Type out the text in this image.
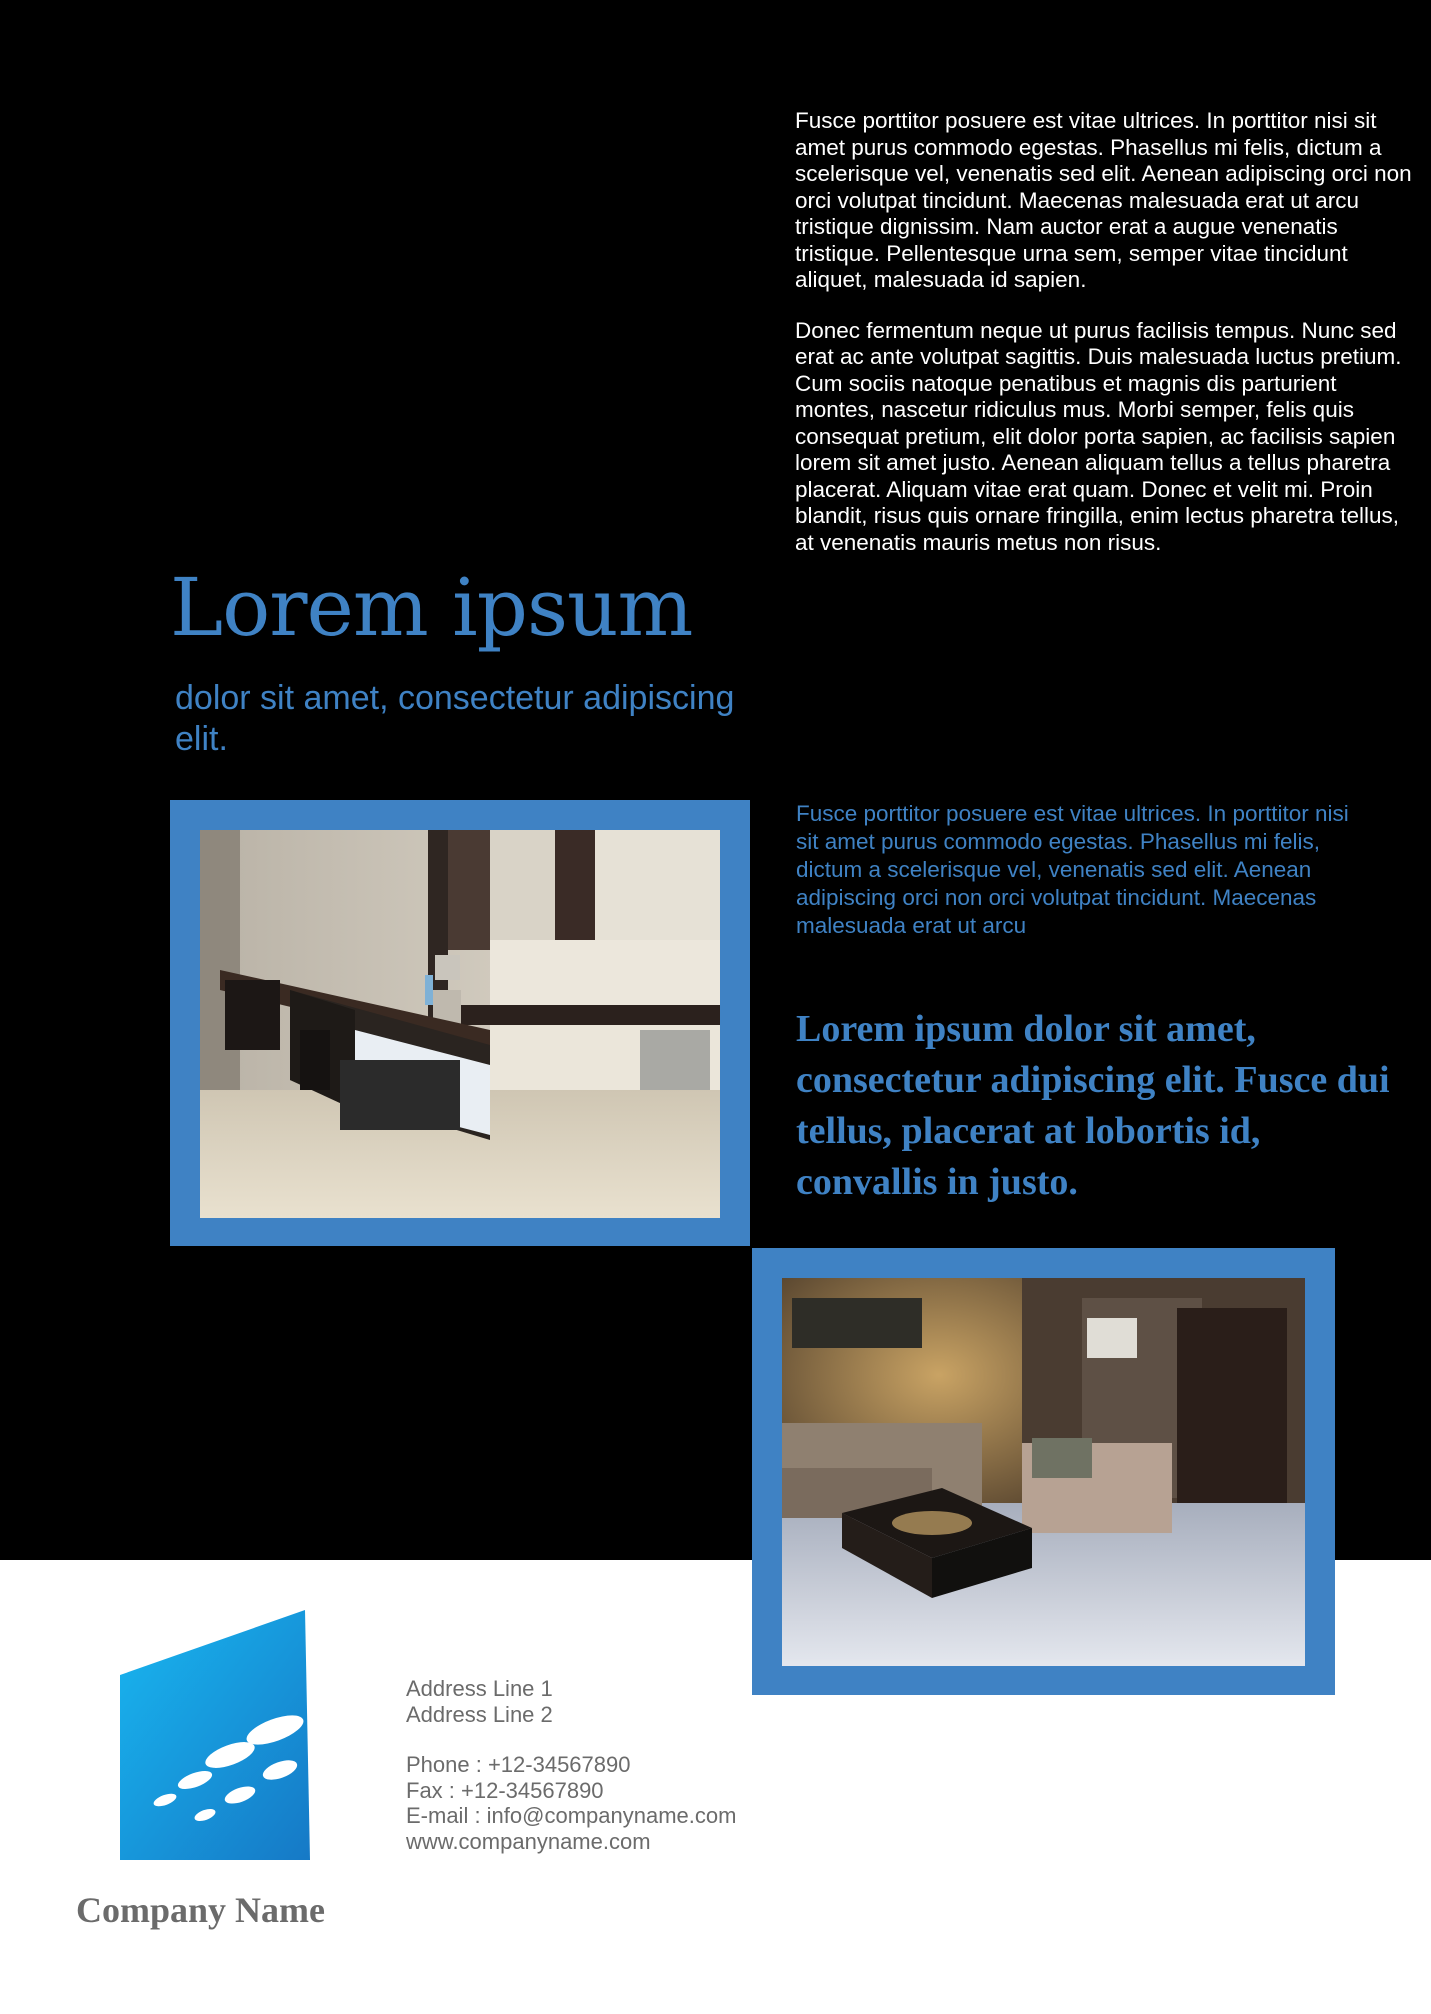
Fusce porttitor posuere est vitae ultrices. In porttitor nisi sit amet purus commodo egestas. Phasellus mi felis, dictum a scelerisque vel, venenatis sed elit. Aenean adipiscing orci non orci volutpat tincidunt. Maecenas malesuada erat ut arcu tristique dignissim. Nam auctor erat a augue venenatis tristique. Pellentesque urna sem, semper vitae tincidunt aliquet, malesuada id sapien.

Donec fermentum neque ut purus facilisis tempus. Nunc sed erat ac ante volutpat sagittis. Duis malesuada luctus pretium. Cum sociis natoque penatibus et magnis dis parturient montes, nascetur ridiculus mus. Morbi semper, felis quis consequat pretium, elit dolor porta sapien, ac facilisis sapien lorem sit amet justo. Aenean aliquam tellus a tellus pharetra placerat. Aliquam vitae erat quam. Donec et velit mi. Proin blandit, risus quis ornare fringilla, enim lectus pharetra tellus, at venenatis mauris metus non risus.

Lorem ipsum
dolor sit amet, consectetur adipiscing elit.
Fusce porttitor posuere est vitae ultrices. In porttitor nisi sit amet purus commodo egestas. Phasellus mi felis, dictum a scelerisque vel, venenatis sed elit. Aenean adipiscing orci non orci volutpat tincidunt. Maecenas malesuada erat ut arcu
Lorem ipsum dolor sit amet, consectetur adipiscing elit. Fusce dui tellus, placerat at lobortis id, convallis in justo.
Company Name
Address Line 1
Address Line 2
Phone : +12-34567890
Fax : +12-34567890
E-mail : info@companyname.com
www.companyname.com
